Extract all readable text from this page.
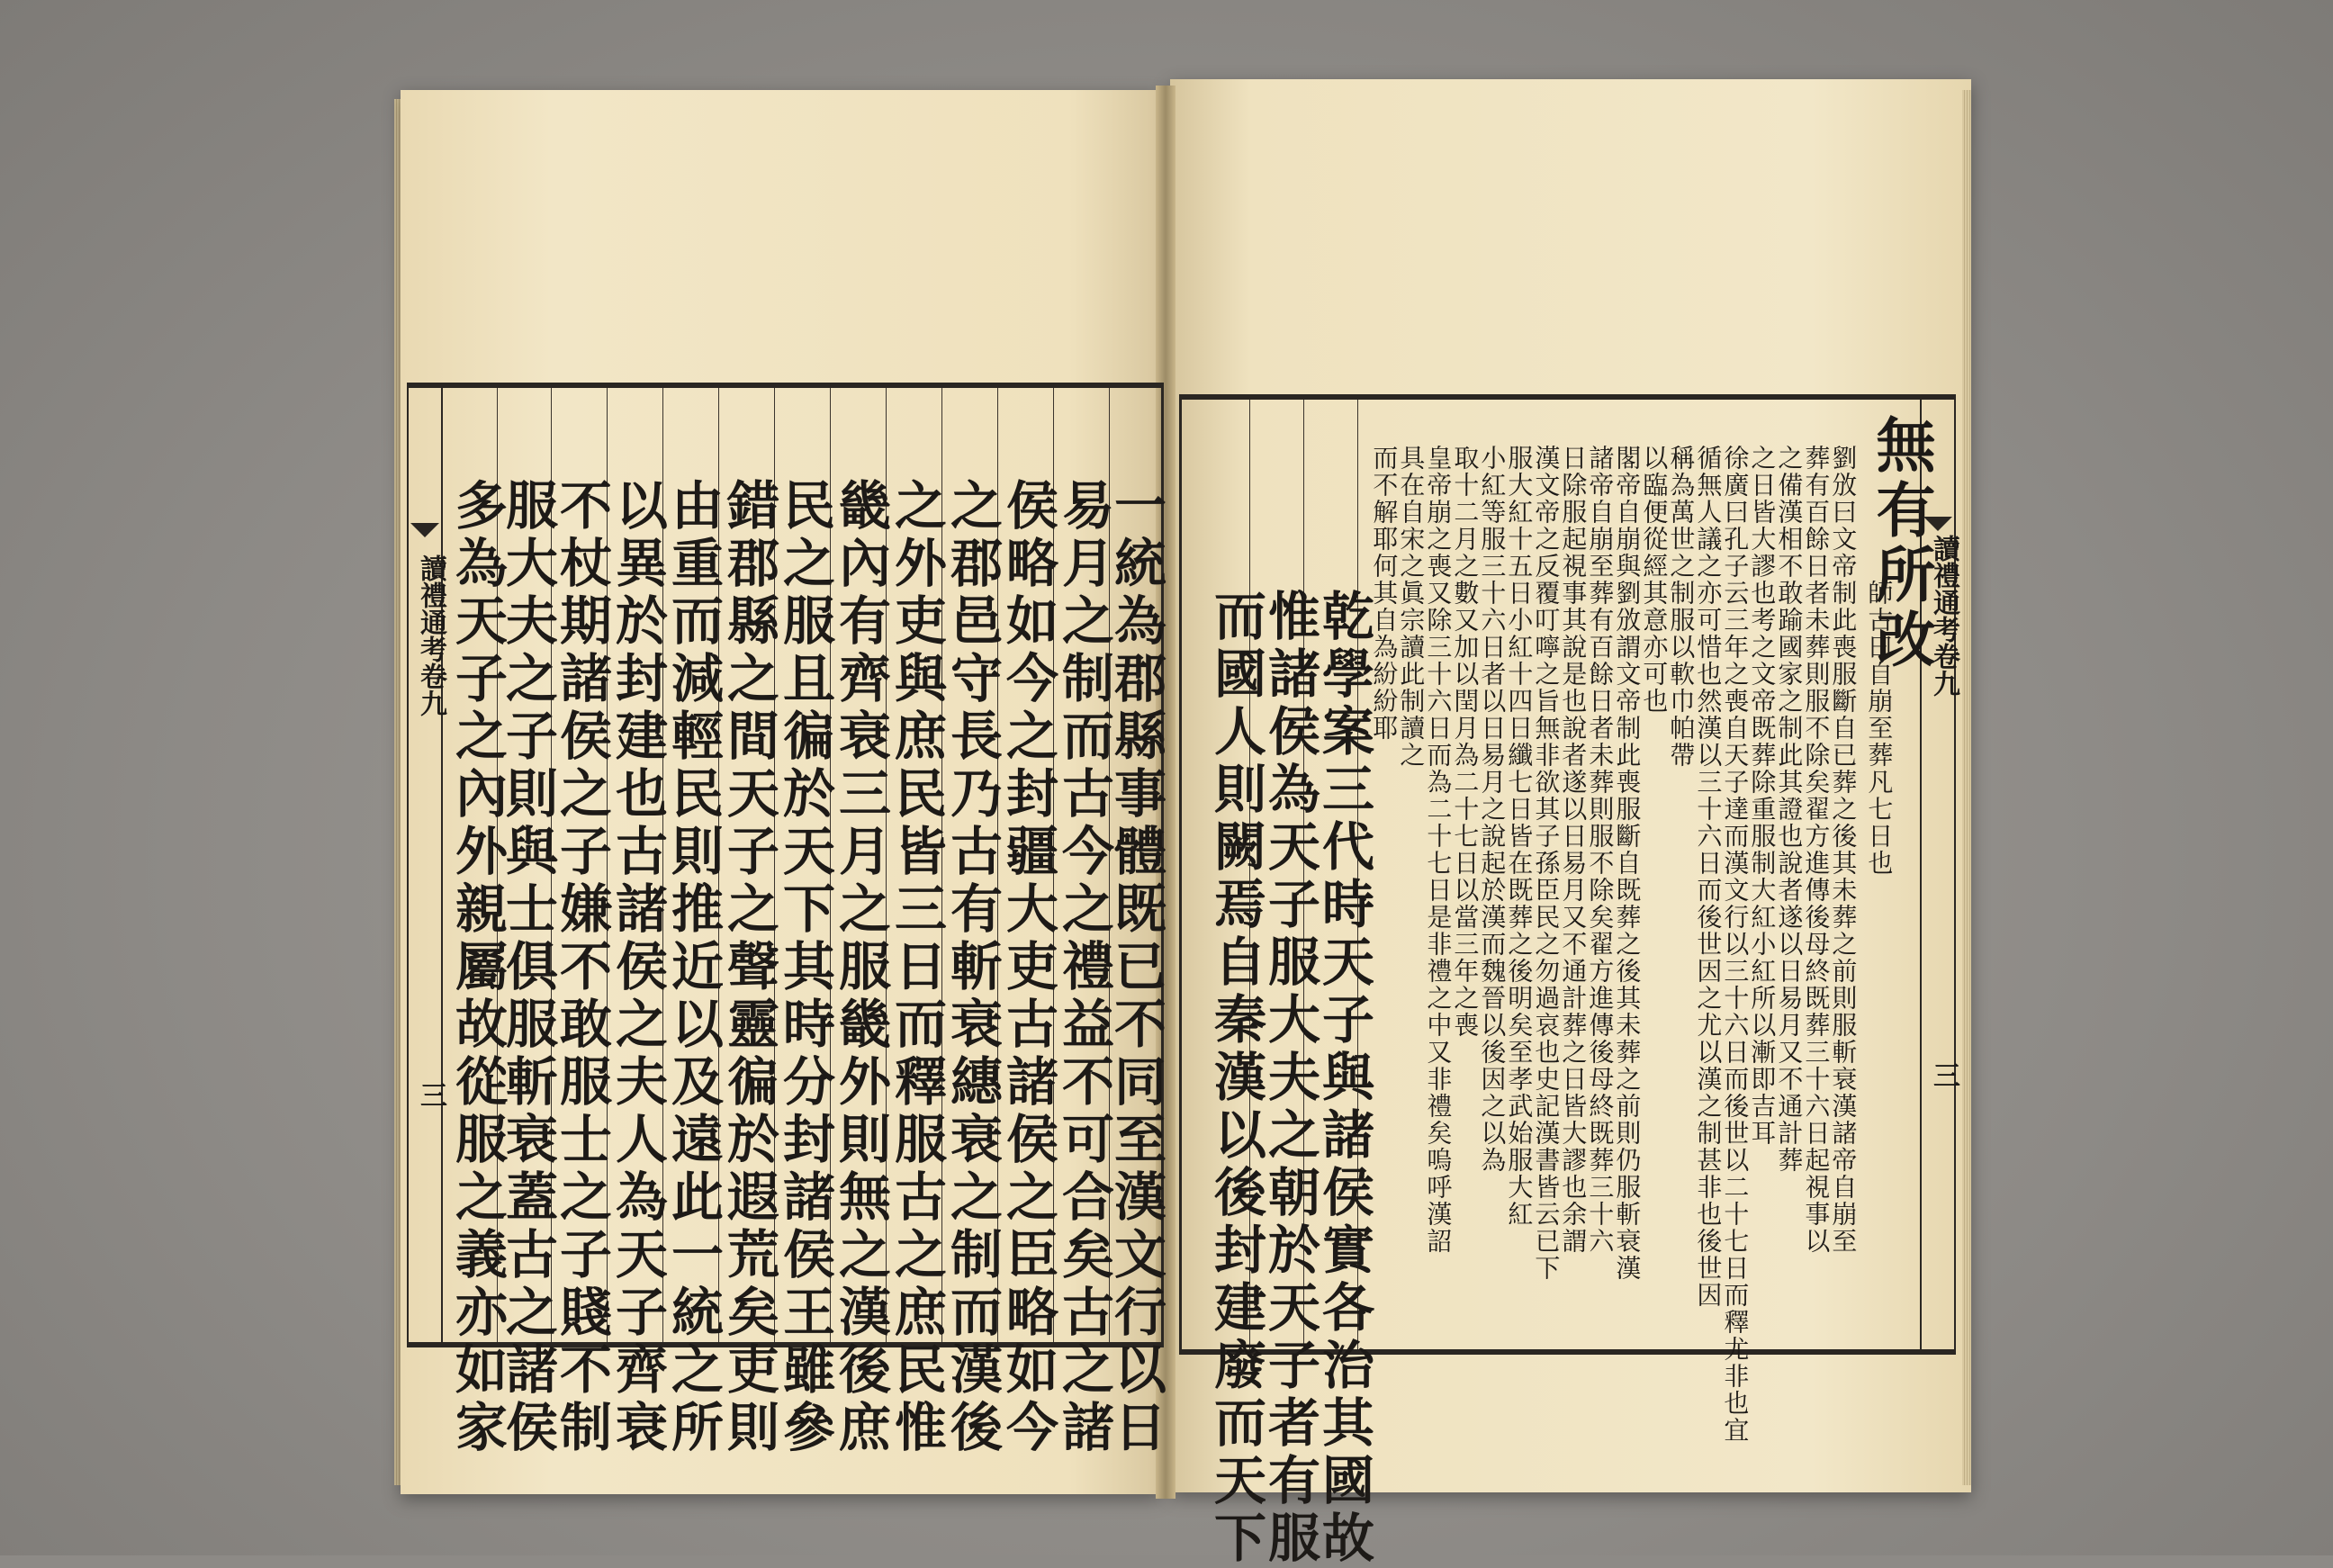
讀禮通考卷九
三	一統為郡縣事體既已不同至漢文行以日
易月之制而古今之禮益不可合矣古之諸
侯略如今之封疆大吏古諸侯之臣略如今
之郡邑守長乃古有斬衰繐衰之制而漢後
之外吏與庶民皆三日而釋服古之庶民惟
畿內有齊衰三月之服畿外則無之漢後庶
民之服且徧於天下其時分封諸侯王雖參
錯郡縣之間天子之聲靈徧於遐荒矣吏則
由重而減輕民則推近以及遠此一統之所
以異於封建也古諸侯之夫人為天子齊衰
不杖期諸侯之子嫌不敢服士之子賤不制
服大夫之子則與士俱服斬衰蓋古之諸侯
多為天子之內外親屬故從服之義亦如家	讀禮通考卷九
三
無有所改
師古曰自崩至葬凡七日也
劉攽曰文帝制此喪服斷自已葬之後其未葬之前則服斬衰漢諸帝自崩至
葬有百餘日者未葬則服不除矣翟方進傳後母終既葬三十六日起視事以
之備漢相不敢踰國家之制此其證也說者遂以日易月又不通計葬
之日皆大謬也考之文帝既葬除重服制大紅小紅所以漸即吉耳
徐廣曰孔子云三年之喪自天子達而漢文行以三十六日而後世以二十七日而釋尤非也宜
循無人議之亦可惜也然漢以三十六日而後世因之尤以漢之制甚非也後世因
稱為萬世之制服以軟巾帕帶
以臨便從經其意亦可也
閣帝自崩與劉攽謂文帝制此喪服斷自既葬之後其未葬之前則仍服斬衰漢
諸帝自崩至葬有百餘日者未葬則服不除矣翟方進傳後母終既葬三十六
日除服起視事其說是也說者遂以日易月又不通計葬之日皆大謬也余謂
漢文帝之反覆叮嚀之旨無非欲其子孫臣民之勿過哀也史記漢書皆云已下
服大紅十五日小紅十四日纖七日皆在既葬之後明矣至孝武始服大紅
小紅等服三十六日者以日易月之說起於漢而魏晉以後因之以為
取十二月之數又加以閏月為二十七日以當三年之喪
皇帝崩之喪又除三十六日而為二十七日是非禮之中又非禮矣嗚呼漢詔
具在自宋之眞宗讀此制讀之
而不解耶何其自為紛紛耶
乾學案三代時天子與諸侯實各治其國故
惟諸侯為天子服大夫之朝於天子者有服
而國人則闕焉自秦漢以後封建廢而天下
